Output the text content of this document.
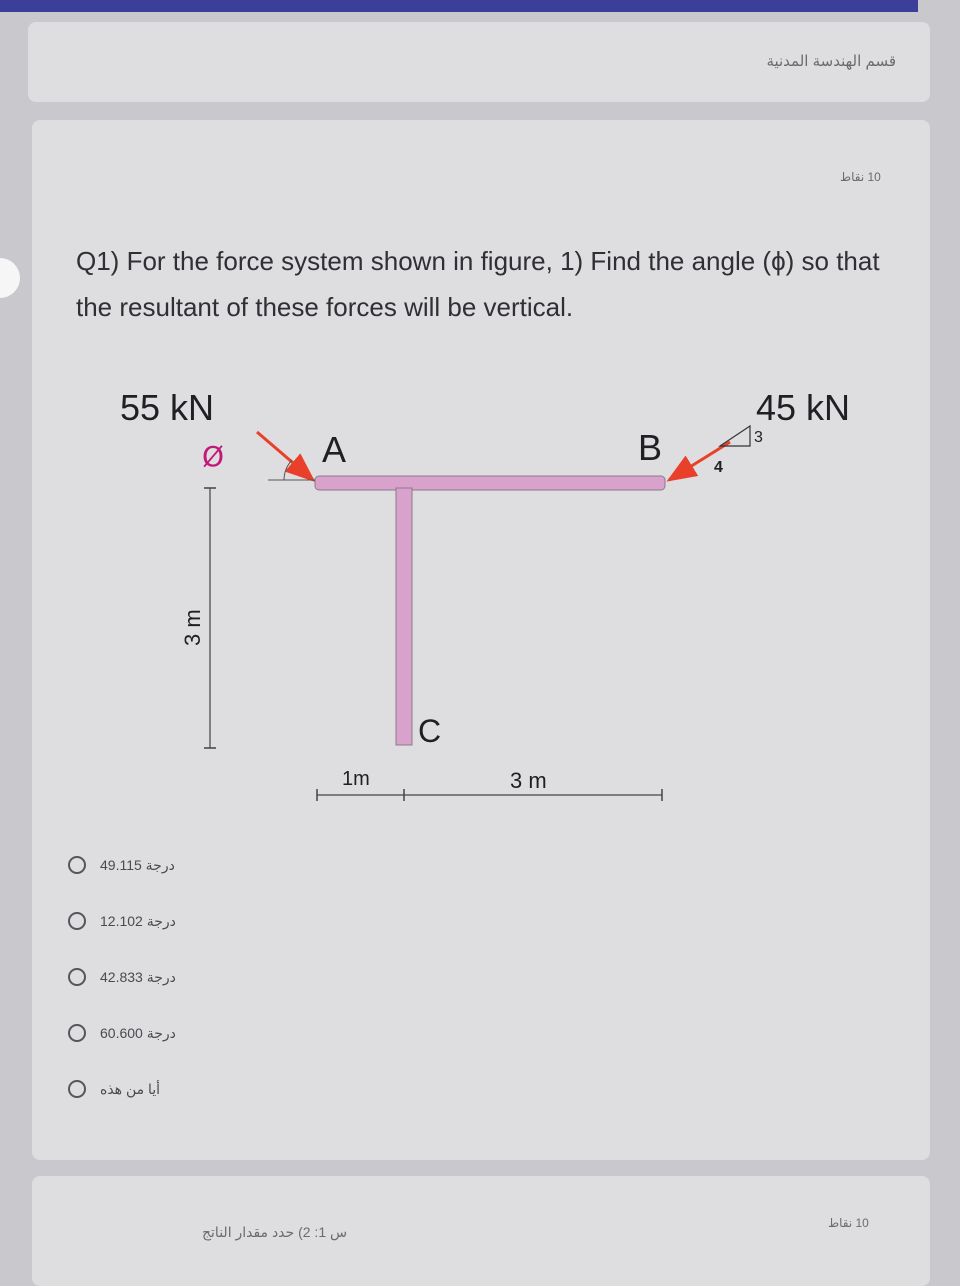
قسم الهندسة المدنية
10 نقاط
Q1) For the force system shown in figure, 1) Find the angle (ϕ) so that the resultant of these forces will be vertical.
55 kN	45 kN
Ø	A	B
C
3
4
3 m
1m	3 m
49.115 درجة
12.102 درجة
42.833 درجة
60.600 درجة
أيا من هذه
10 نقاط
س 1: 2) حدد مقدار الناتج
